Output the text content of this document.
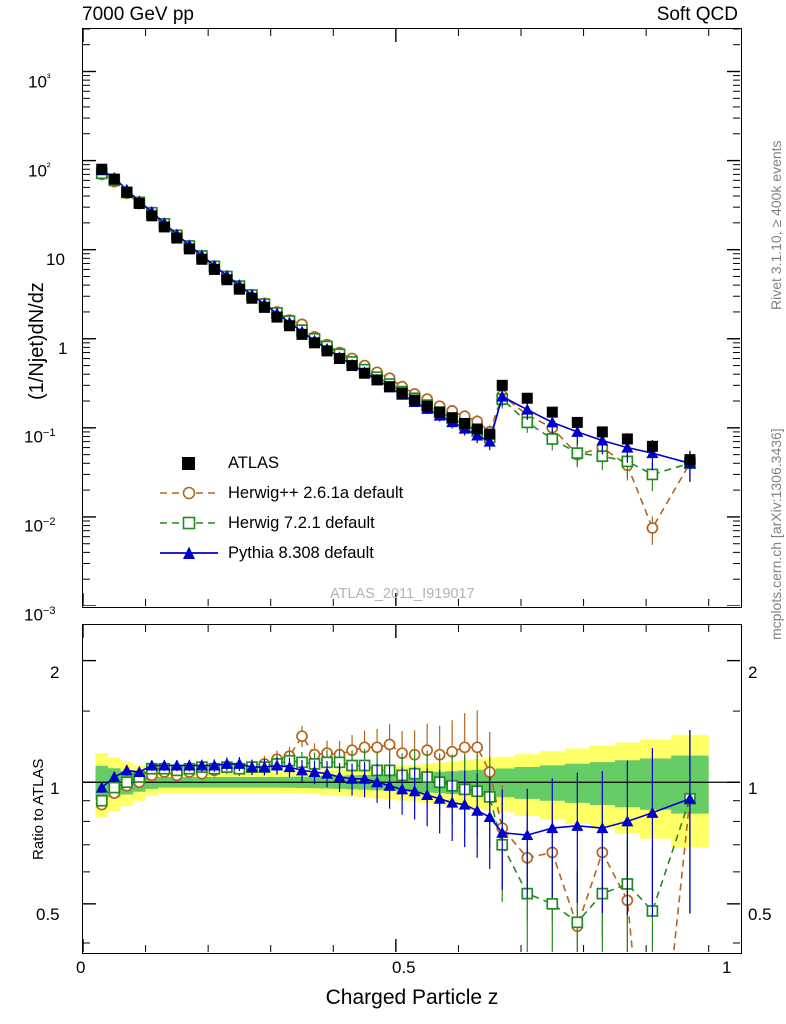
7000 GeV pp	Soft QCD
Rivet 3.1.10, ≥ 400k events
mcplots.cern.ch [arXiv:1306.3436]
(1/Njet)dN/dz
Ratio to ATLAS
Charged Particle z
ATLAS
Herwig++ 2.6.1a default
Herwig 7.2.1 default
Pythia 8.308 default
ATLAS_2011_I919017
$10^{^3}$
$10^{^2}$
10
1
$10^{-1}$
$10^{-2}$
$10^{-3}$
2
1
0.5
2
1
0.5
0	0.5	1
